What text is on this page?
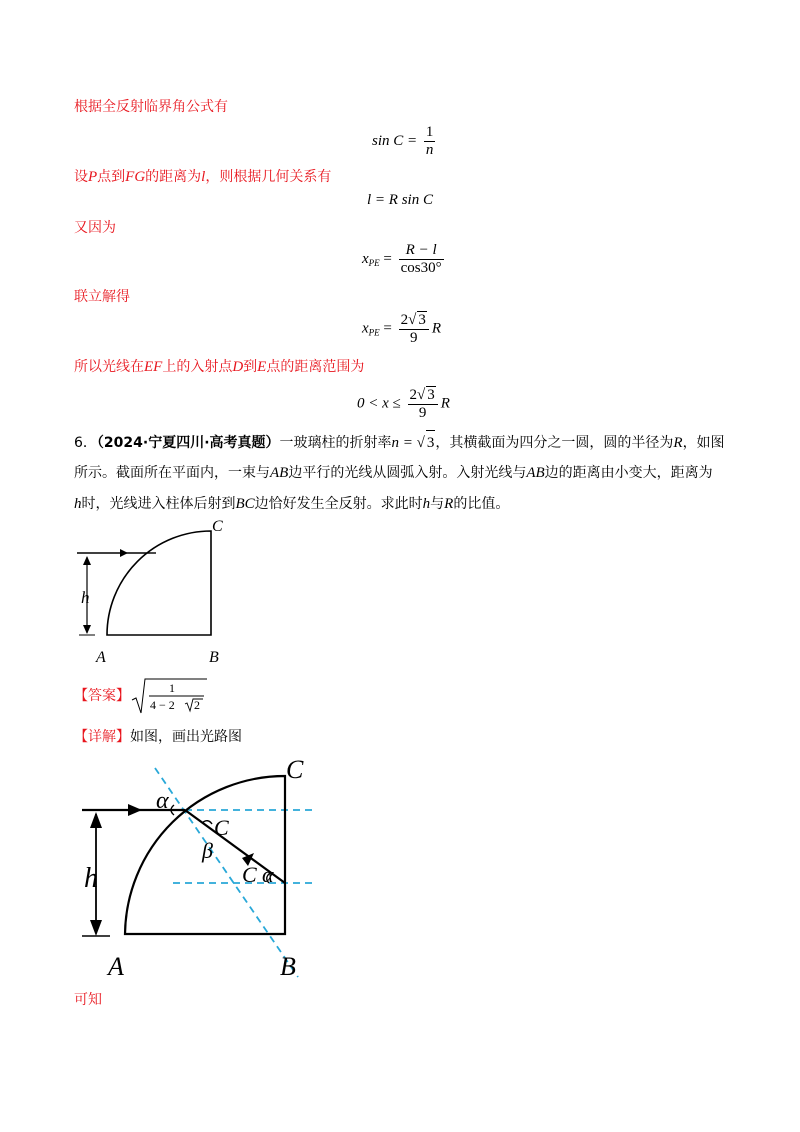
根据全反射临界角公式有
$\sin C = \frac{1}{n}$
设P点到FG的距离为l，则根据几何关系有
l = R sin C
又因为
$x_{PE} = \frac{R - l}{\cos 30^\circ}$
联立解得
$x_{PE} = \frac{2√ 3}{9}$ R
所以光线在EF上的入射点D到E点的距离范围为
$0 < x \le \frac{2√ 3}{9}$ R
6．（2024·宁夏四川·高考真题）一玻璃柱的折射率n = √ 3，其横截面为四分之一圆，圆的半径为R，如图
所示。截面所在平面内，一束与AB边平行的光线从圆弧入射。入射光线与AB边的距离由小变大，距离为
h时，光线进入柱体后射到BC边恰好发生全反射。求此时h与R的比值。
C
A	B
h
【答案】	1
4 − 2 2
【详解】如图，画出光路图
C
A	B
h
α
C
β
C α
可知
